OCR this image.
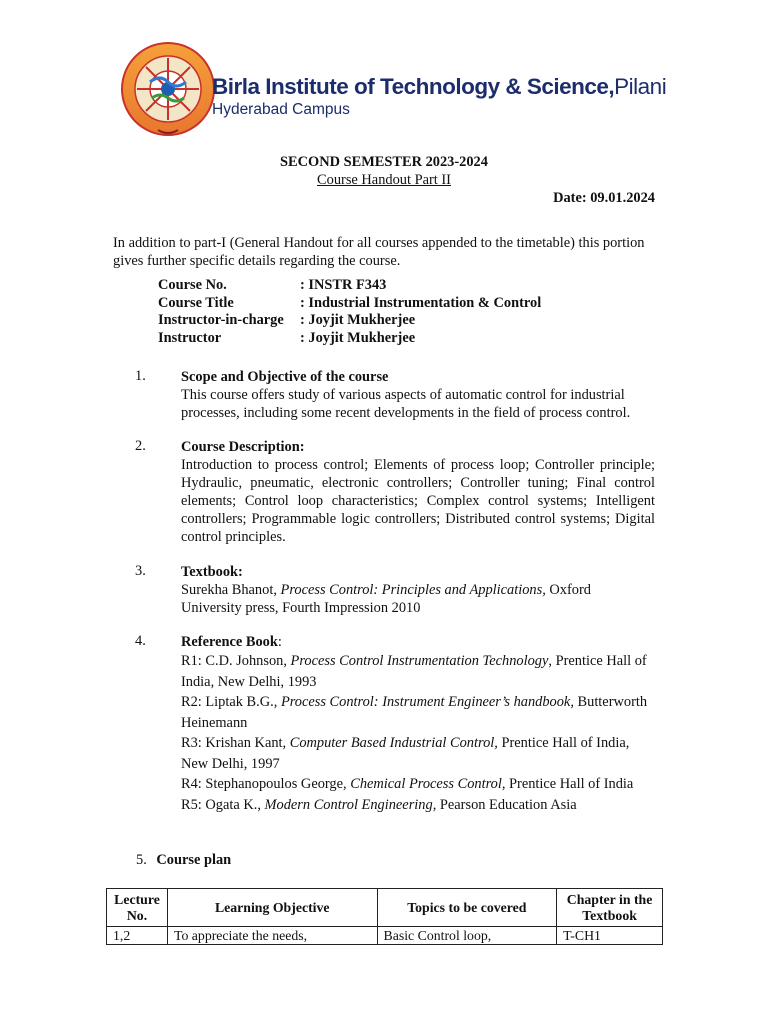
Birla Institute of Technology & Science,Pilani
Hyderabad Campus
SECOND SEMESTER 2023-2024
Course Handout Part II
Date: 09.01.2024
In addition to part-I (General Handout for all courses appended to the timetable) this portion gives further specific details regarding the course.
Course No.	: INSTR F343
Course Title	: Industrial Instrumentation & Control
Instructor-in-charge	: Joyjit Mukherjee
Instructor	: Joyjit Mukherjee
1. Scope and Objective of the course
This course offers study of various aspects of automatic control for industrial processes, including some recent developments in the field of process control.
2. Course Description:
Introduction to process control; Elements of process loop; Controller principle; Hydraulic, pneumatic, electronic controllers; Controller tuning; Final control elements; Control loop characteristics; Complex control systems; Intelligent controllers; Programmable logic controllers; Distributed control systems; Digital control principles.
3. Textbook:
Surekha Bhanot, Process Control: Principles and Applications, Oxford University press, Fourth Impression 2010
4. Reference Book:
R1: C.D. Johnson, Process Control Instrumentation Technology, Prentice Hall of India, New Delhi, 1993
R2: Liptak B.G., Process Control: Instrument Engineer’s handbook, Butterworth Heinemann
R3: Krishan Kant, Computer Based Industrial Control, Prentice Hall of India, New Delhi, 1997
R4: Stephanopoulos George, Chemical Process Control, Prentice Hall of India
R5: Ogata K., Modern Control Engineering, Pearson Education Asia
5. Course plan
Lecture No.	Learning Objective	Topics to be covered	Chapter in the Textbook
1,2	To appreciate the needs,	Basic Control loop,	T-CH1
